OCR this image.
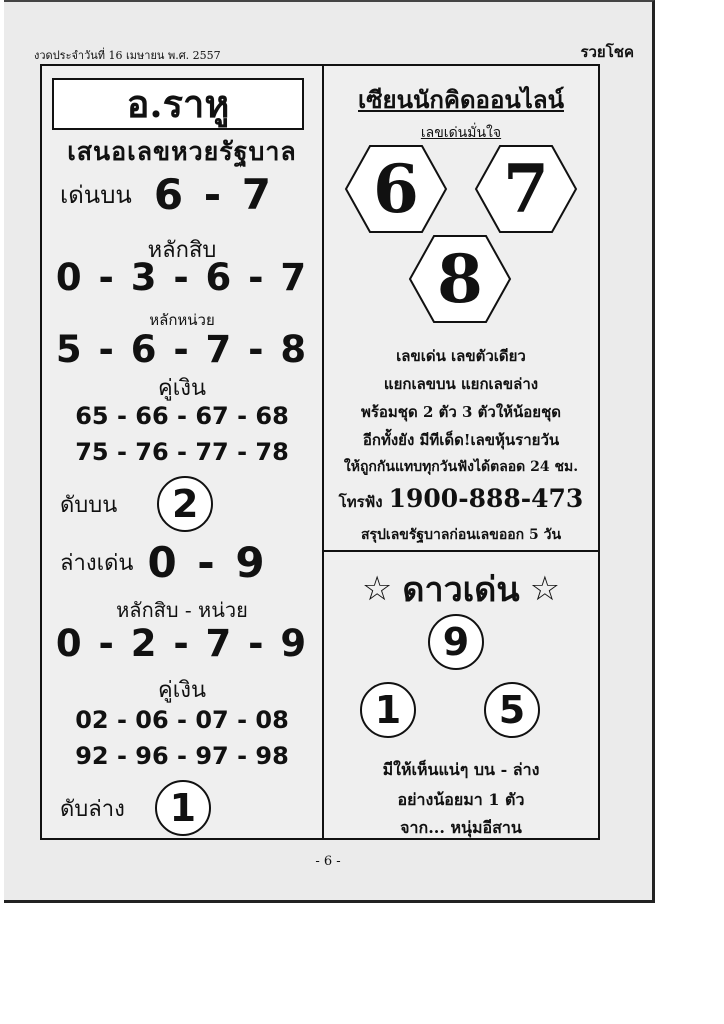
งวดประจำวันที่ 16 เมษายน พ.ศ. 2557	รวยโชค
อ.ราหู
เสนอเลขหวยรัฐบาล
เด่นบน 6 - 7
หลักสิบ
0 - 3 - 6 - 7
หลักหน่วย
5 - 6 - 7 - 8
คู่เงิน
65 - 66 - 67 - 68
75 - 76 - 77 - 78
ดับบน 2
ล่างเด่น 0 - 9
หลักสิบ - หน่วย
0 - 2 - 7 - 9
คู่เงิน
02 - 06 - 07 - 08
92 - 96 - 97 - 98
ดับล่าง 1
เซียนนักคิดออนไลน์
เลขเด่นมั่นใจ
6	7
8
เลขเด่น เลขตัวเดียว
แยกเลขบน แยกเลขล่าง
พร้อมชุด 2 ตัว 3 ตัวให้น้อยชุด
อีกทั้งยัง มีทีเด็ด!เลขหุ้นรายวัน
ให้ถูกกันแทบทุกวันฟังได้ตลอด 24 ชม.
โทรฟัง 1900-888-473
สรุปเลขรัฐบาลก่อนเลขออก 5 วัน
☆ ดาวเด่น ☆
9
1	5
มีให้เห็นแน่ๆ บน - ล่าง
อย่างน้อยมา 1 ตัว
จาก... หนุ่มอีสาน
- 6 -
